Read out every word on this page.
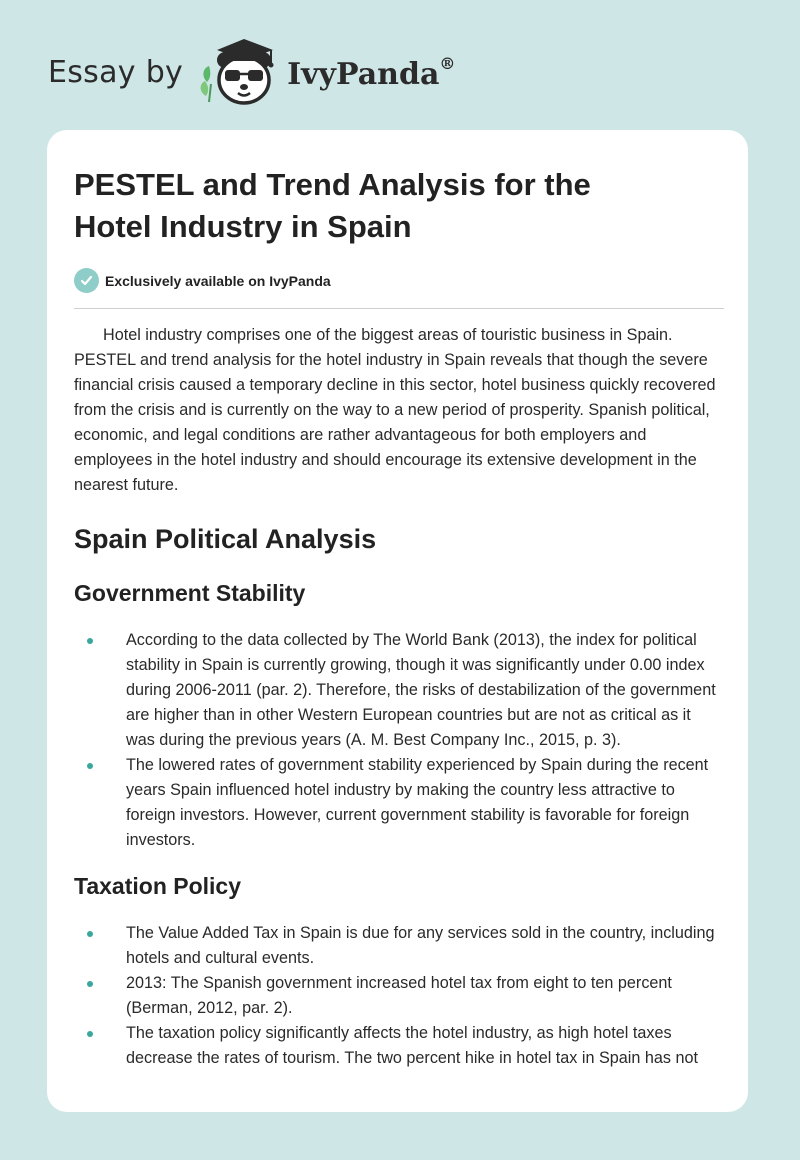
Essay by	IvyPanda®
PESTEL and Trend Analysis for the
Hotel Industry in Spain
Exclusively available on IvyPanda

Hotel industry comprises one of the biggest areas of touristic business in Spain. PESTEL and trend analysis for the hotel industry in Spain reveals that though the severe financial crisis caused a temporary decline in this sector, hotel business quickly recovered from the crisis and is currently on the way to a new period of prosperity. Spanish political, economic, and legal conditions are rather advantageous for both employers and employees in the hotel industry and should encourage its extensive development in the nearest future.

Spain Political Analysis
Government Stability
According to the data collected by The World Bank (2013), the index for political stability in Spain is currently growing, though it was significantly under 0.00 index during 2006-2011 (par. 2). Therefore, the risks of destabilization of the government are higher than in other Western European countries but are not as critical as it was during the previous years (A. M. Best Company Inc., 2015, p. 3).
The lowered rates of government stability experienced by Spain during the recent years Spain influenced hotel industry by making the country less attractive to foreign investors. However, current government stability is favorable for foreign investors.
Taxation Policy
The Value Added Tax in Spain is due for any services sold in the country, including hotels and cultural events.
2013: The Spanish government increased hotel tax from eight to ten percent (Berman, 2012, par. 2).
The taxation policy significantly affects the hotel industry, as high hotel taxes decrease the rates of tourism. The two percent hike in hotel tax in Spain has not
